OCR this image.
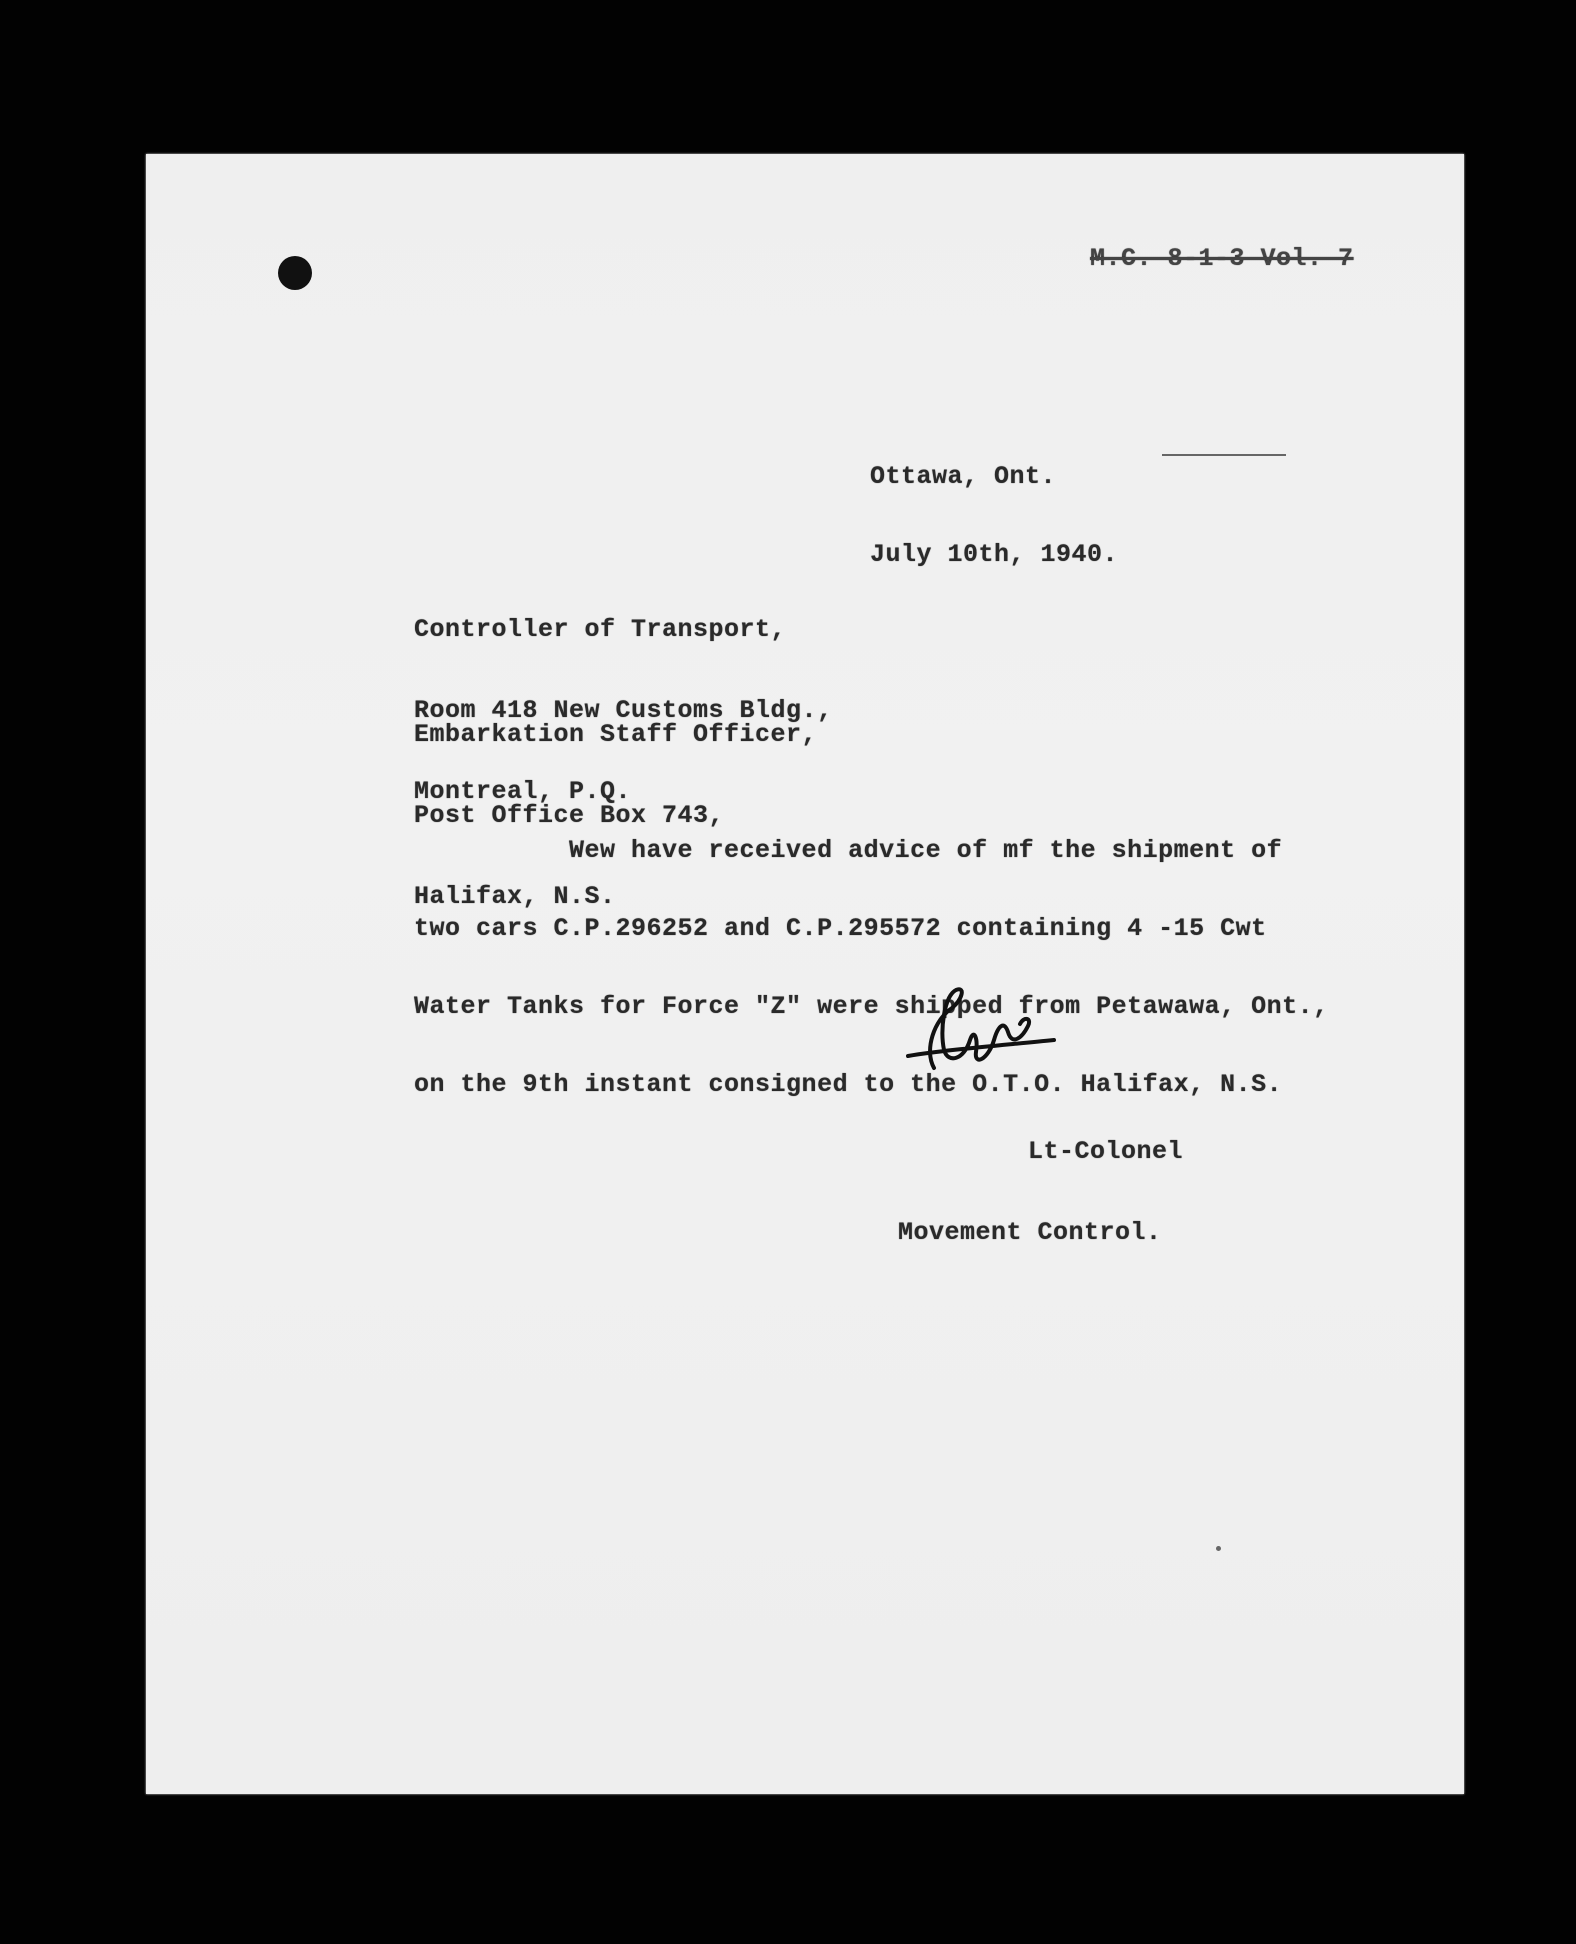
M.C. 8-1-3 Vol. 7

Ottawa, Ont.

July 10th, 1940.

Controller of Transport,

Room 418 New Customs Bldg.,

Montreal, P.Q.

Embarkation Staff Officer,

Post Office Box 743,

Halifax, N.S.

Wew have received advice of mf the shipment of

two cars C.P.296252 and C.P.295572 containing 4 -15 Cwt

Water Tanks for Force "Z" were shipped from Petawawa, Ont.,

on the 9th instant consigned to the O.T.O. Halifax, N.S.

Lt-Colonel

Movement Control.
